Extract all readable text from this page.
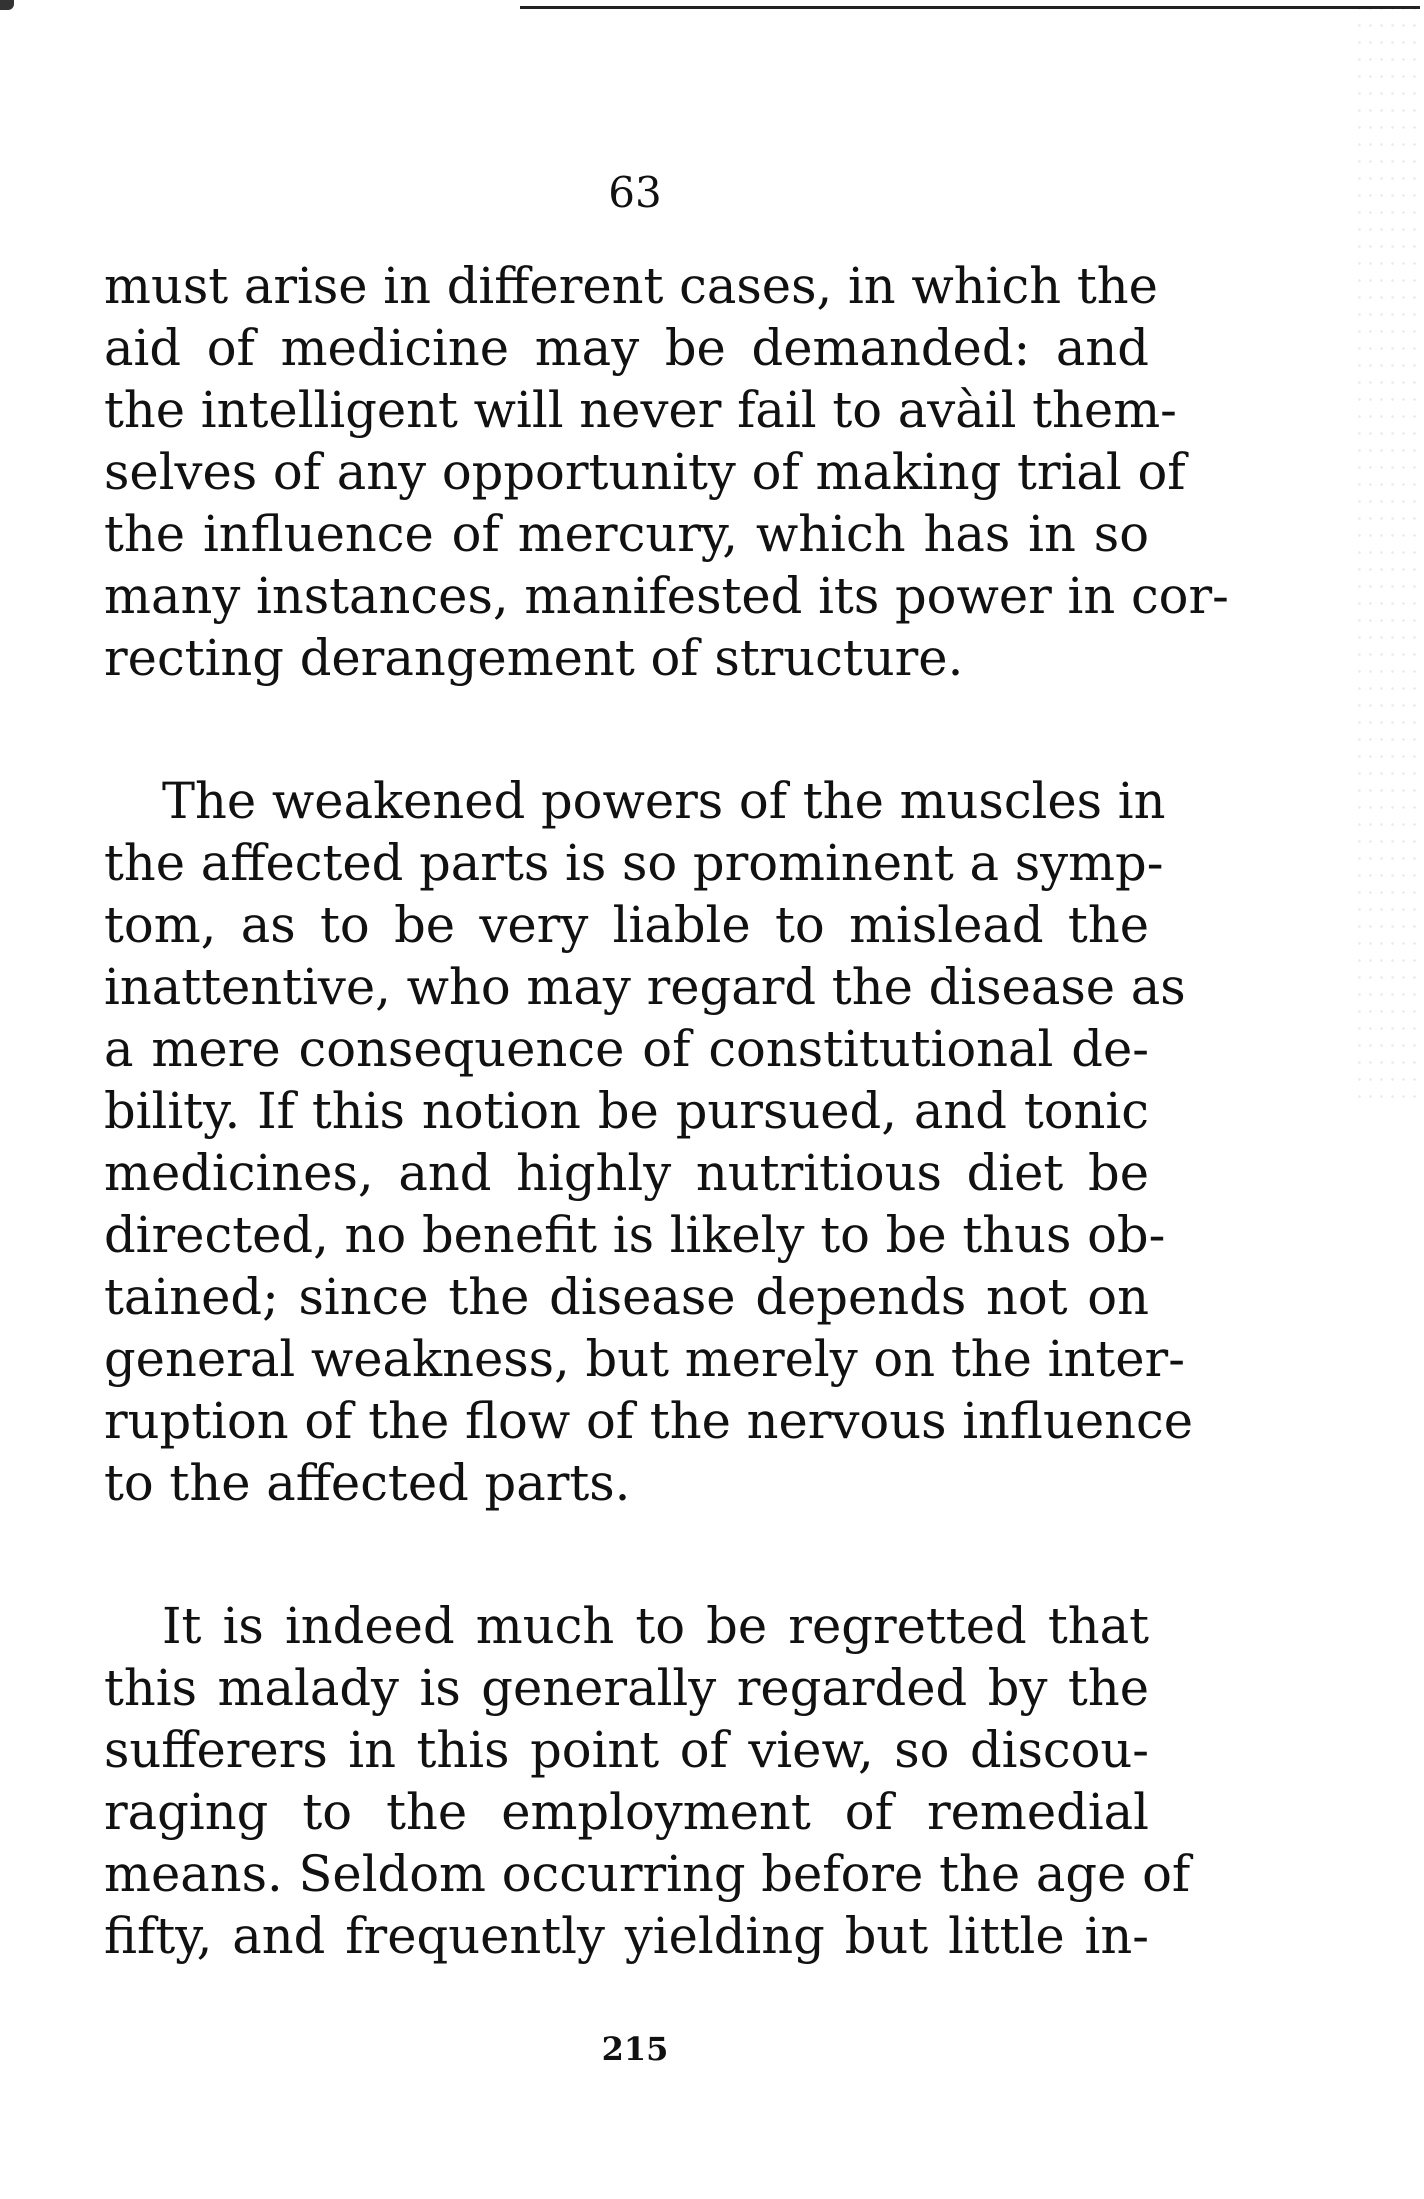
63

must arise in different cases, in which the
aid of medicine may be demanded: and
the intelligent will never fail to avàil them-
selves of any opportunity of making trial of
the influence of mercury, which has in so
many instances, manifested its power in cor-
recting derangement of structure.

The weakened powers of the muscles in
the affected parts is so prominent a symp-
tom, as to be very liable to mislead the
inattentive, who may regard the disease as
a mere consequence of constitutional de-
bility. If this notion be pursued, and tonic
medicines, and highly nutritious diet be
directed, no benefit is likely to be thus ob-
tained; since the disease depends not on
general weakness, but merely on the inter-
ruption of the flow of the nervous influence
to the affected parts.

It is indeed much to be regretted that
this malady is generally regarded by the
sufferers in this point of view, so discou-
raging to the employment of remedial
means. Seldom occurring before the age of
fifty, and frequently yielding but little in-

215
